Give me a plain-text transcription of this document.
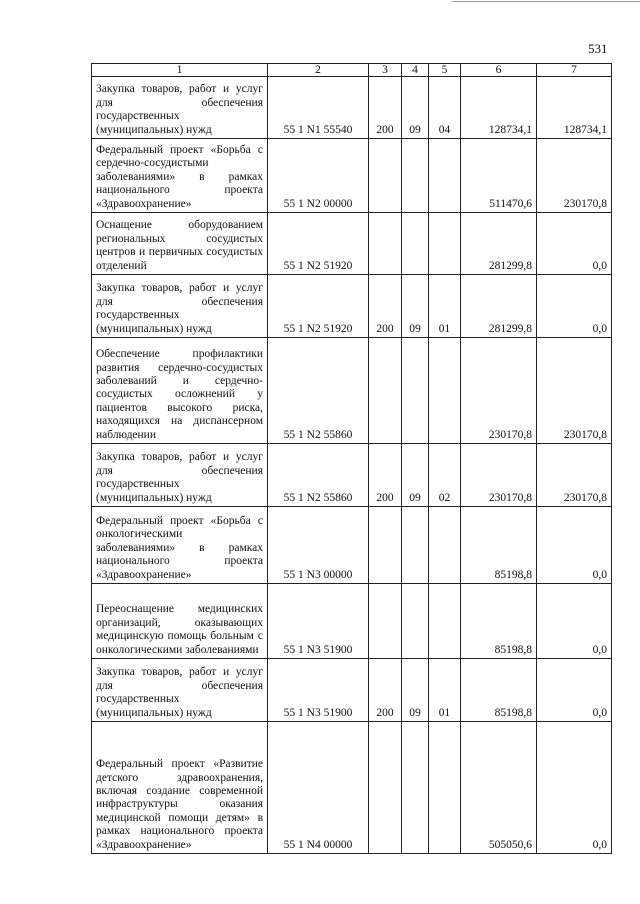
531
1	2	3	4	5	6	7
Закупка товаров, работ и услуг для обеспечения государственных (муниципальных) нужд	55 1 N1 55540	200	09	04	128734,1	128734,1
Федеральный проект «Борьба с сердечно-сосудистыми заболеваниями» в рамках национального проекта «Здравоохранение»	55 1 N2 00000				511470,6	230170,8
Оснащение оборудованием региональных сосудистых центров и первичных сосудистых отделений	55 1 N2 51920				281299,8	0,0
Закупка товаров, работ и услуг для обеспечения государственных (муниципальных) нужд	55 1 N2 51920	200	09	01	281299,8	0,0
Обеспечение профилактики развития сердечно-сосудистых заболеваний и сердечно-сосудистых осложнений у пациентов высокого риска, находящихся на диспансерном наблюдении	55 1 N2 55860				230170,8	230170,8
Закупка товаров, работ и услуг для обеспечения государственных (муниципальных) нужд	55 1 N2 55860	200	09	02	230170,8	230170,8
Федеральный проект «Борьба с онкологическими заболеваниями» в рамках национального проекта «Здравоохранение»	55 1 N3 00000				85198,8	0,0
Переоснащение медицинских организаций, оказывающих медицинскую помощь больным с онкологическими заболеваниями	55 1 N3 51900				85198,8	0,0
Закупка товаров, работ и услуг для обеспечения государственных (муниципальных) нужд	55 1 N3 51900	200	09	01	85198,8	0,0
Федеральный проект «Развитие детского здравоохранения, включая создание современной инфраструктуры оказания медицинской помощи детям» в рамках национального проекта «Здравоохранение»	55 1 N4 00000				505050,6	0,0
